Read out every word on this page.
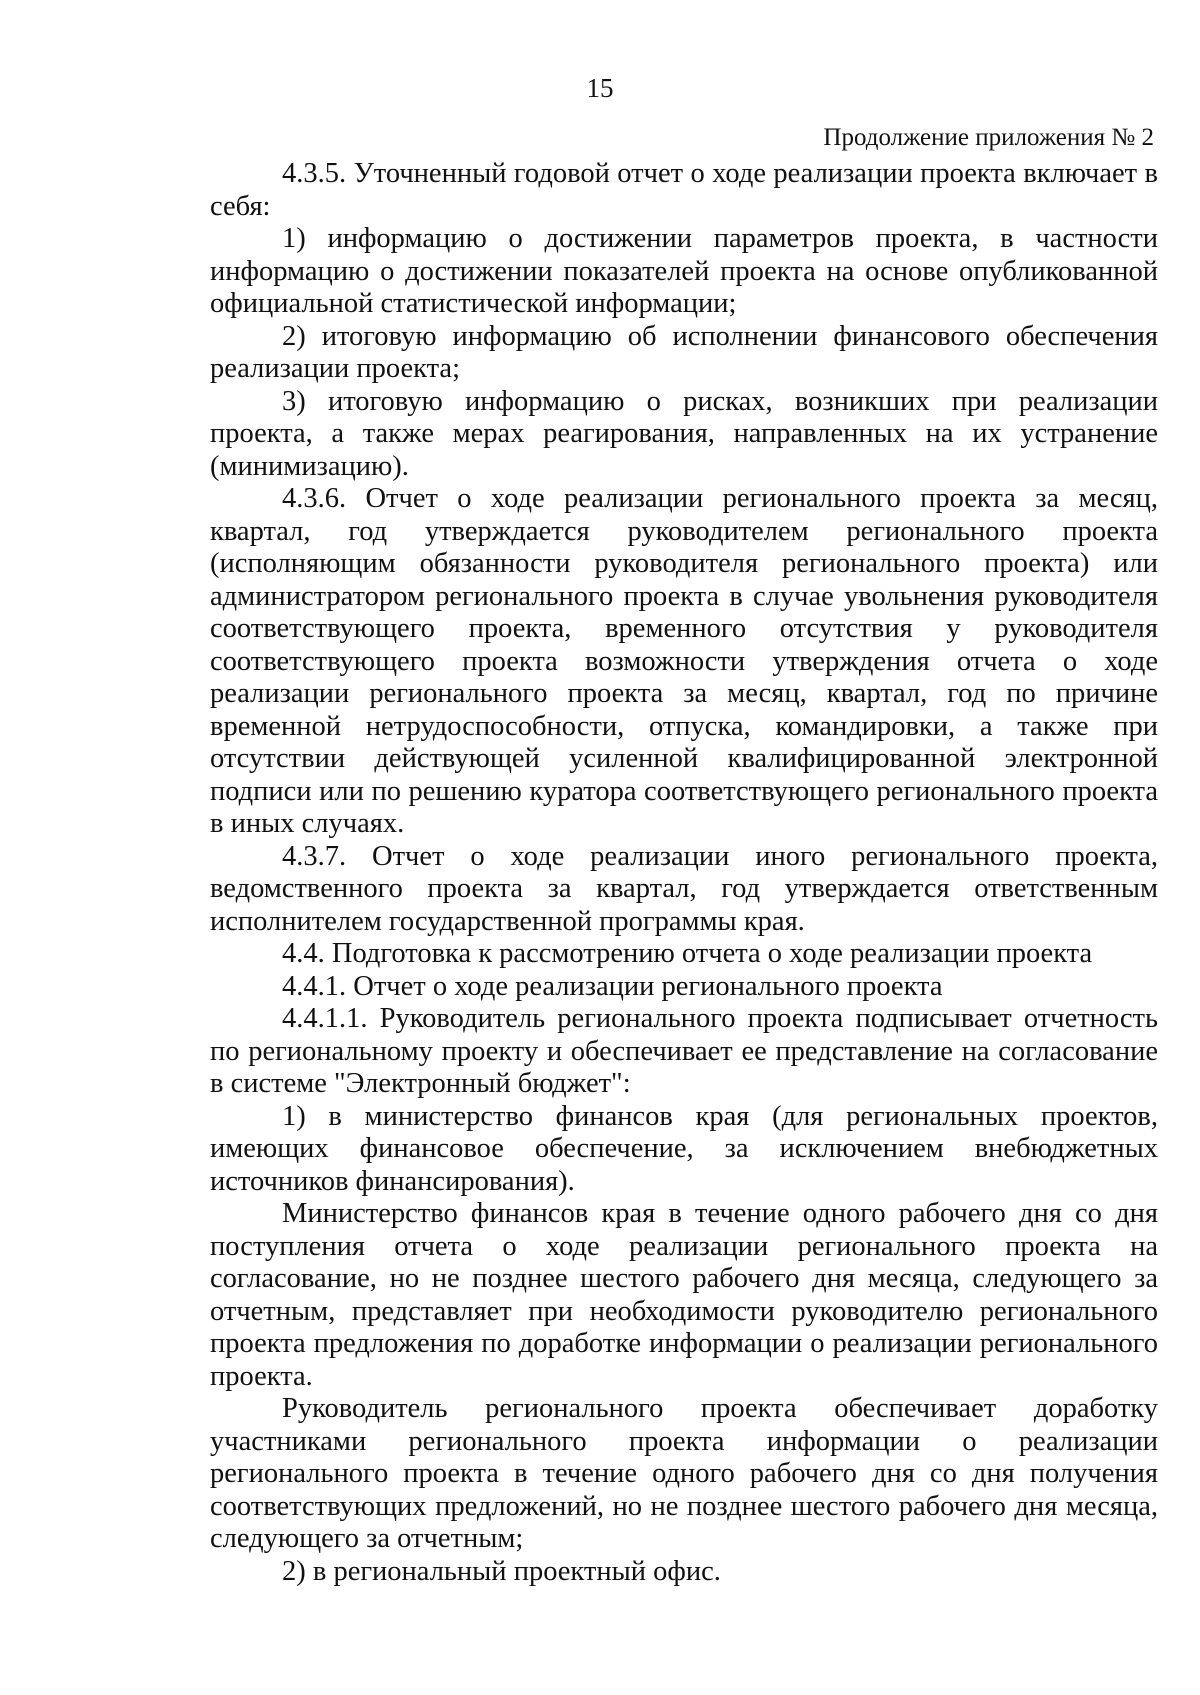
15
Продолжение приложения № 2

4.3.5. Уточненный годовой отчет о ходе реализации проекта включает в себя:

1) информацию о достижении параметров проекта, в частности информацию о достижении показателей проекта на основе опубликованной официальной статистической информации;

2) итоговую информацию об исполнении финансового обеспечения реализации проекта;

3) итоговую информацию о рисках, возникших при реализации проекта, а также мерах реагирования, направленных на их устранение (минимизацию).

4.3.6. Отчет о ходе реализации регионального проекта за месяц, квартал, год утверждается руководителем регионального проекта (исполняющим обязанности руководителя регионального проекта) или администратором регионального проекта в случае увольнения руководителя соответствующего проекта, временного отсутствия у руководителя соответствующего проекта возможности утверждения отчета о ходе реализации регионального проекта за месяц, квартал, год по причине временной нетрудоспособности, отпуска, командировки, а также при отсутствии действующей усиленной квалифицированной электронной подписи или по решению куратора соответствующего регионального проекта в иных случаях.

4.3.7. Отчет о ходе реализации иного регионального проекта, ведомственного проекта за квартал, год утверждается ответственным исполнителем государственной программы края.

4.4. Подготовка к рассмотрению отчета о ходе реализации проекта

4.4.1. Отчет о ходе реализации регионального проекта

4.4.1.1. Руководитель регионального проекта подписывает отчетность по региональному проекту и обеспечивает ее представление на согласование в системе "Электронный бюджет":

1) в министерство финансов края (для региональных проектов, имеющих финансовое обеспечение, за исключением внебюджетных источников финансирования).

Министерство финансов края в течение одного рабочего дня со дня поступления отчета о ходе реализации регионального проекта на согласование, но не позднее шестого рабочего дня месяца, следующего за отчетным, представляет при необходимости руководителю регионального проекта предложения по доработке информации о реализации регионального проекта.

Руководитель регионального проекта обеспечивает доработку участниками регионального проекта информации о реализации регионального проекта в течение одного рабочего дня со дня получения соответствующих предложений, но не позднее шестого рабочего дня месяца, следующего за отчетным;

2) в региональный проектный офис.
